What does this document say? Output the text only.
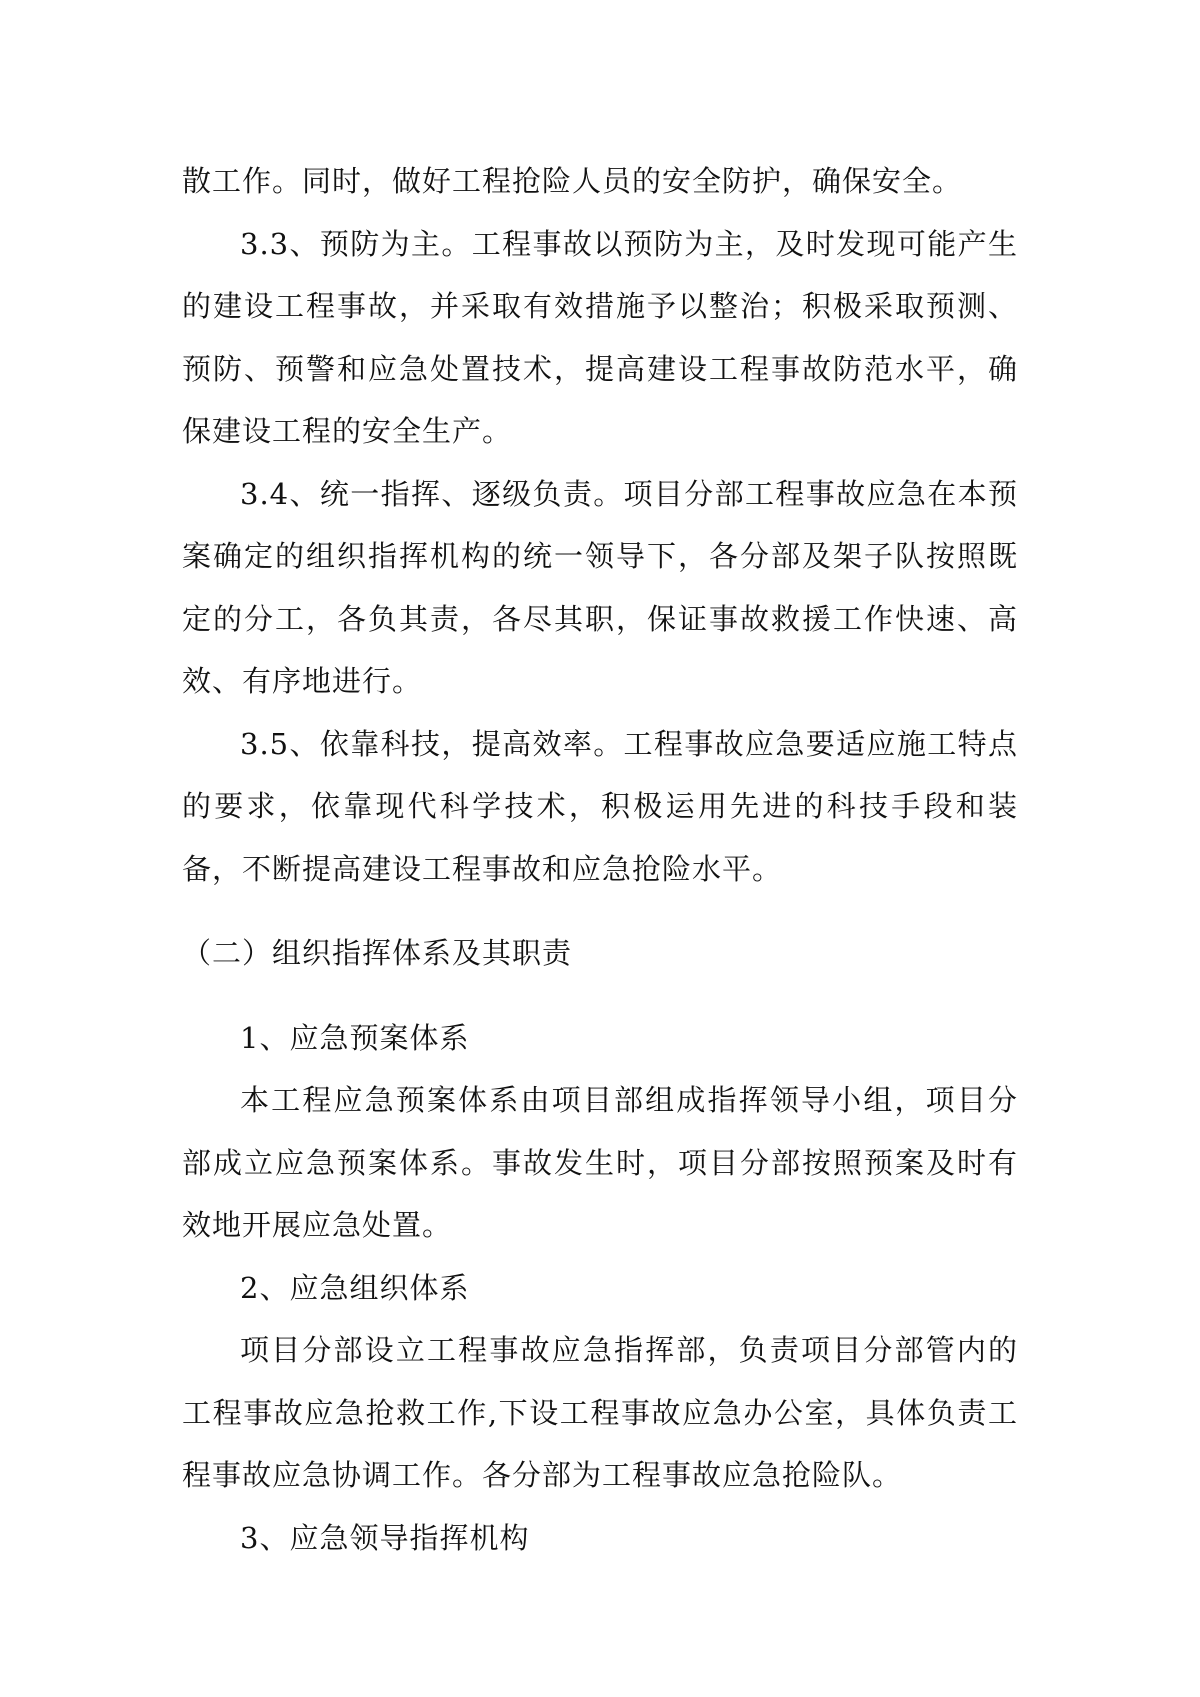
散工作。同时，做好工程抢险人员的安全防护，确保安全。

3.3、预防为主。工程事故以预防为主，及时发现可能产生的建设工程事故，并采取有效措施予以整治；积极采取预测、预防、预警和应急处置技术，提高建设工程事故防范水平，确保建设工程的安全生产。

3.4、统一指挥、逐级负责。项目分部工程事故应急在本预案确定的组织指挥机构的统一领导下，各分部及架子队按照既定的分工，各负其责，各尽其职，保证事故救援工作快速、高效、有序地进行。

3.5、依靠科技，提高效率。工程事故应急要适应施工特点的要求，依靠现代科学技术，积极运用先进的科技手段和装备，不断提高建设工程事故和应急抢险水平。

（二）组织指挥体系及其职责

1、应急预案体系

本工程应急预案体系由项目部组成指挥领导小组，项目分部成立应急预案体系。事故发生时，项目分部按照预案及时有效地开展应急处置。

2、应急组织体系

项目分部设立工程事故应急指挥部，负责项目分部管内的工程事故应急抢救工作,下设工程事故应急办公室，具体负责工程事故应急协调工作。各分部为工程事故应急抢险队。

3、应急领导指挥机构
